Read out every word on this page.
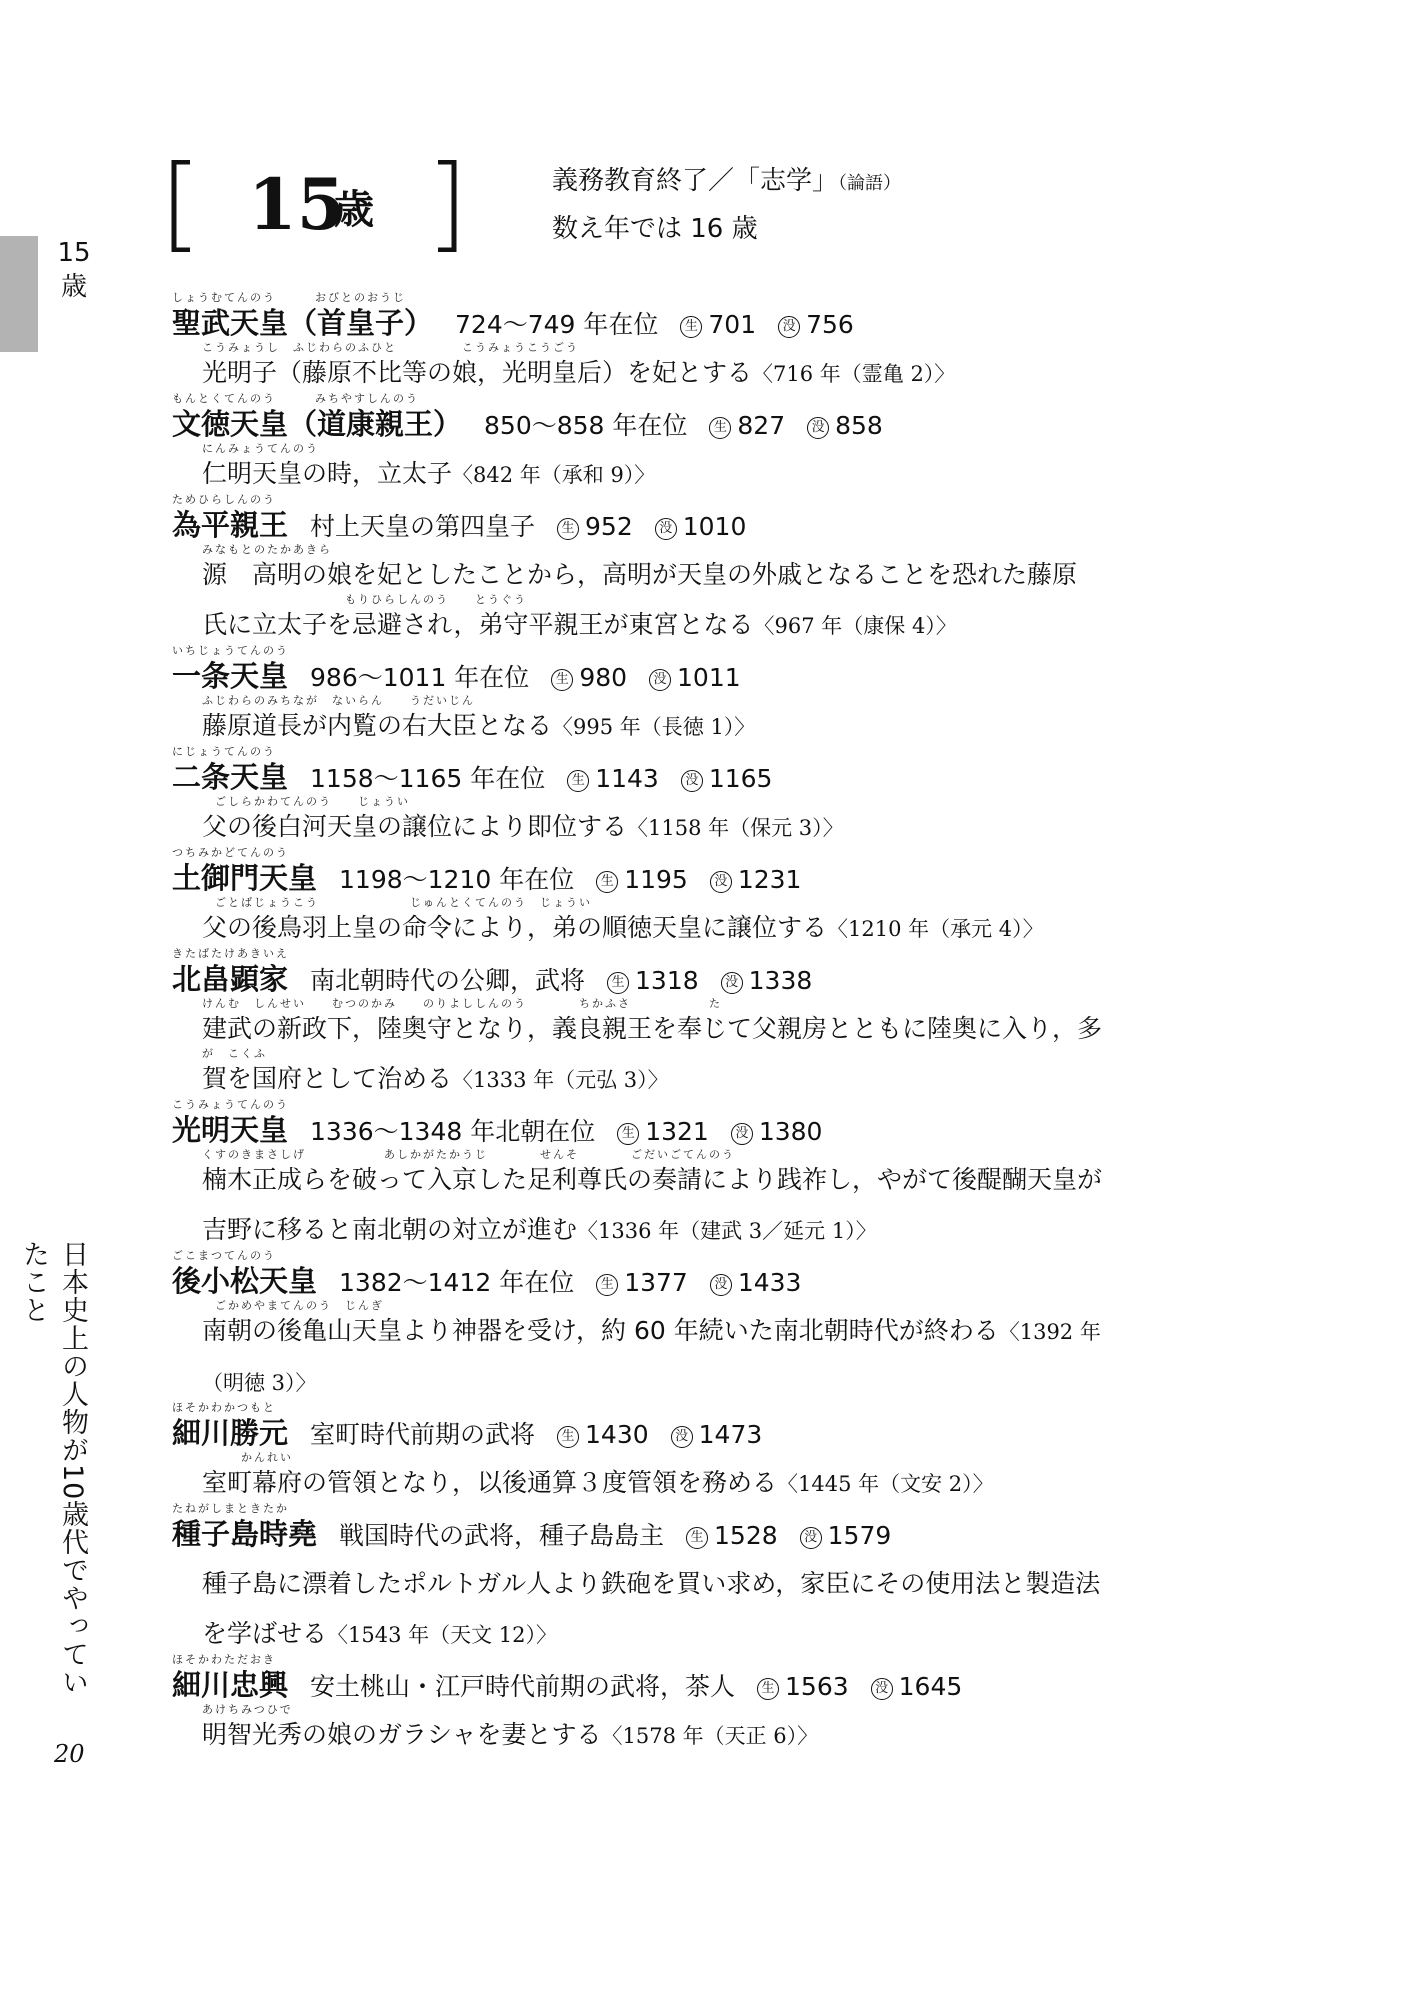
15
歳
日本史上の人物が10歳代でやっていたこと
20
15
歳
義務教育終了／「志学」（論語）
数え年では 16 歳
しょうむてんのう　　　おびとのおうじ
聖武天皇（首皇子） 724～749 年在位 生 701 没 756
こうみょうし　ふじわらのふひと　　　　　こうみょうこうごう
光明子（藤原不比等の娘，光明皇后）を妃とする〈716 年（霊亀 2）〉
もんとくてんのう　　　みちやすしんのう
文徳天皇（道康親王） 850～858 年在位 生 827 没 858
にんみょうてんのう
仁明天皇の時，立太子〈842 年（承和 9）〉
ためひらしんのう
為平親王 村上天皇の第四皇子 生 952 没 1010
みなもとのたかあきら
源　高明の娘を妃としたことから，高明が天皇の外戚となることを恐れた藤原
　　　　　　　　　　　もりひらしんのう　　とうぐう
氏に立太子を忌避され，弟守平親王が東宮となる〈967 年（康保 4）〉
いちじょうてんのう
一条天皇 986～1011 年在位 生 980 没 1011
ふじわらのみちなが　ないらん　　うだいじん
藤原道長が内覧の右大臣となる〈995 年（長徳 1）〉
にじょうてんのう
二条天皇 1158～1165 年在位 生 1143 没 1165
　ごしらかわてんのう　　じょうい
父の後白河天皇の譲位により即位する〈1158 年（保元 3）〉
つちみかどてんのう
土御門天皇 1198～1210 年在位 生 1195 没 1231
　ごとばじょうこう　　　　　　　じゅんとくてんのう　じょうい
父の後鳥羽上皇の命令により，弟の順徳天皇に譲位する〈1210 年（承元 4）〉
きたばたけあきいえ
北畠顕家 南北朝時代の公卿，武将 生 1318 没 1338
けんむ　しんせい　　むつのかみ　　のりよししんのう　　　　ちかふさ　　　　　　た
建武の新政下，陸奥守となり，義良親王を奉じて父親房とともに陸奥に入り，多
が　こくふ
賀を国府として治める〈1333 年（元弘 3）〉
こうみょうてんのう
光明天皇 1336～1348 年北朝在位 生 1321 没 1380
くすのきまさしげ　　　　　　あしかがたかうじ　　　　せんそ　　　　ごだいごてんのう
楠木正成らを破って入京した足利尊氏の奏請により践祚し，やがて後醍醐天皇が
吉野に移ると南北朝の対立が進む〈1336 年（建武 3／延元 1）〉
ごこまつてんのう
後小松天皇 1382～1412 年在位 生 1377 没 1433
　ごかめやまてんのう　じんぎ
南朝の後亀山天皇より神器を受け，約 60 年続いた南北朝時代が終わる〈1392 年
（明徳 3）〉
ほそかわかつもと
細川勝元 室町時代前期の武将 生 1430 没 1473
　　　かんれい
室町幕府の管領となり，以後通算３度管領を務める〈1445 年（文安 2）〉
たねがしまときたか
種子島時堯 戦国時代の武将，種子島島主 生 1528 没 1579
種子島に漂着したポルトガル人より鉄砲を買い求め，家臣にその使用法と製造法
を学ばせる〈1543 年（天文 12）〉
ほそかわただおき
細川忠興 安土桃山・江戸時代前期の武将，茶人 生 1563 没 1645
あけちみつひで
明智光秀の娘のガラシャを妻とする〈1578 年（天正 6）〉
